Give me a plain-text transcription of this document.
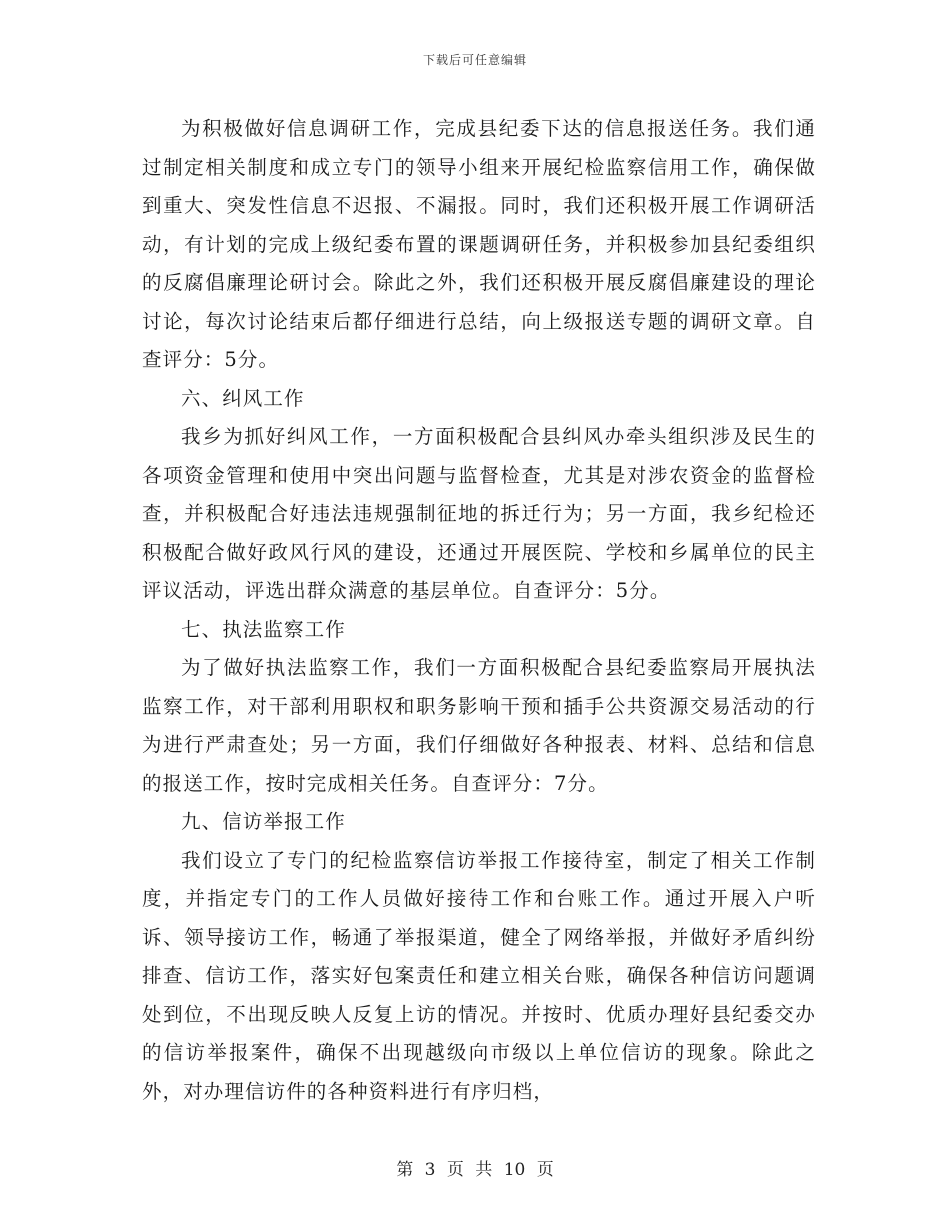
下载后可任意编辑

为积极做好信息调研工作，完成县纪委下达的信息报送任务。我们通过制定相关制度和成立专门的领导小组来开展纪检监察信用工作，确保做到重大、突发性信息不迟报、不漏报。同时，我们还积极开展工作调研活动，有计划的完成上级纪委布置的课题调研任务，并积极参加县纪委组织的反腐倡廉理论研讨会。除此之外，我们还积极开展反腐倡廉建设的理论讨论，每次讨论结束后都仔细进行总结，向上级报送专题的调研文章。自查评分：5分。

六、纠风工作

我乡为抓好纠风工作，一方面积极配合县纠风办牵头组织涉及民生的各项资金管理和使用中突出问题与监督检查，尤其是对涉农资金的监督检查，并积极配合好违法违规强制征地的拆迁行为；另一方面，我乡纪检还积极配合做好政风行风的建设，还通过开展医院、学校和乡属单位的民主评议活动，评选出群众满意的基层单位。自查评分：5分。

七、执法监察工作

为了做好执法监察工作，我们一方面积极配合县纪委监察局开展执法监察工作，对干部利用职权和职务影响干预和插手公共资源交易活动的行为进行严肃查处；另一方面，我们仔细做好各种报表、材料、总结和信息的报送工作，按时完成相关任务。自查评分：7分。

九、信访举报工作

我们设立了专门的纪检监察信访举报工作接待室，制定了相关工作制度，并指定专门的工作人员做好接待工作和台账工作。通过开展入户听诉、领导接访工作，畅通了举报渠道，健全了网络举报，并做好矛盾纠纷排查、信访工作，落实好包案责任和建立相关台账，确保各种信访问题调处到位，不出现反映人反复上访的情况。并按时、优质办理好县纪委交办的信访举报案件，确保不出现越级向市级以上单位信访的现象。除此之外，对办理信访件的各种资料进行有序归档，

第 3 页 共 10 页
